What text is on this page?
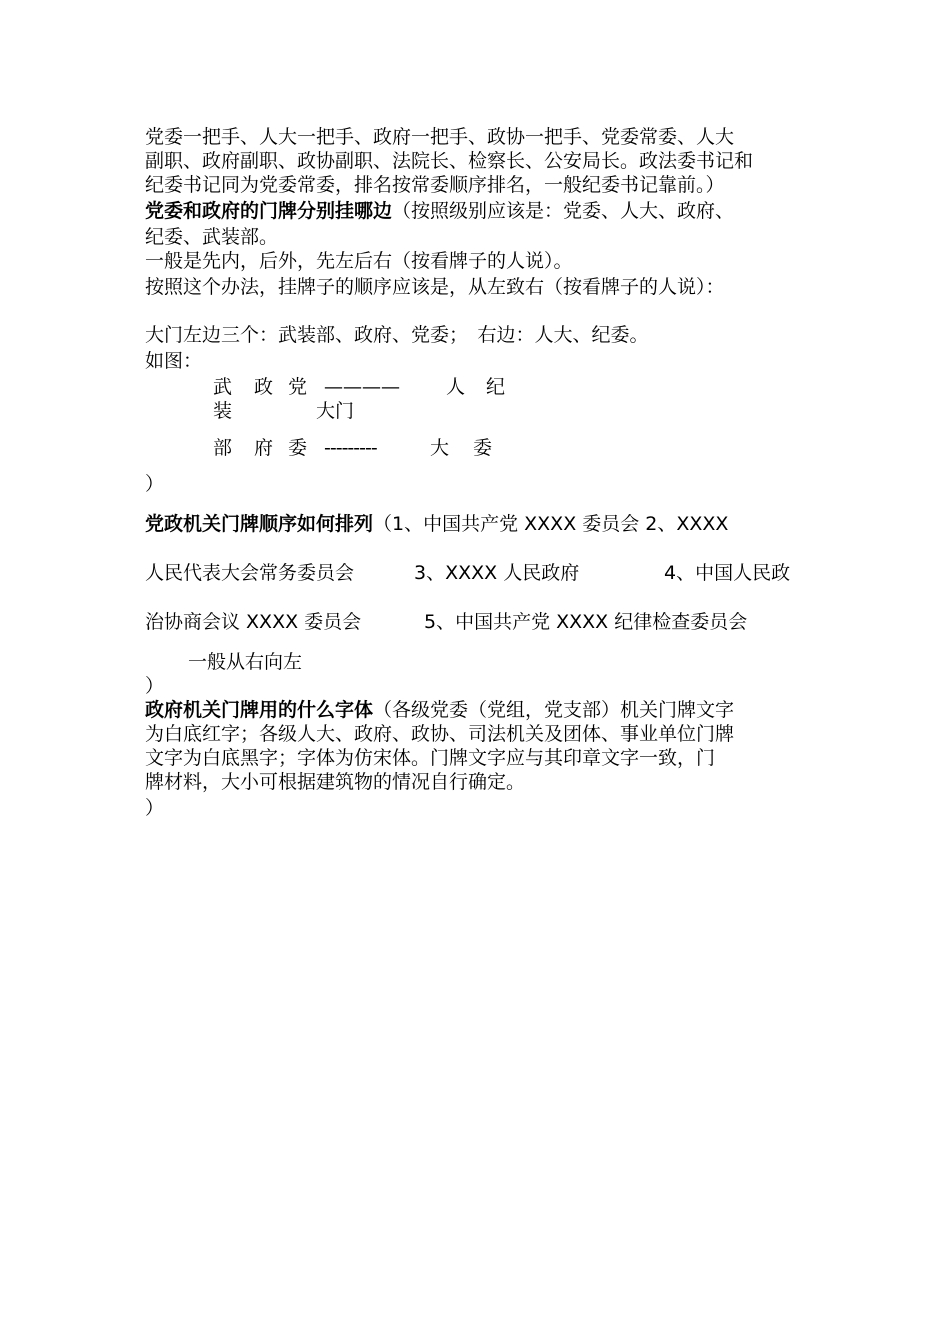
党委一把手、人大一把手、政府一把手、政协一把手、党委常委、人大
副职、政府副职、政协副职、法院长、检察长、公安局长。政法委书记和
纪委书记同为党委常委，排名按常委顺序排名，一般纪委书记靠前。）
党委和政府的门牌分别挂哪边（按照级别应该是：党委、人大、政府、
纪委、武装部。
一般是先内，后外，先左后右（按看牌子的人说）。
按照这个办法，挂牌子的顺序应该是，从左致右（按看牌子的人说）：
大门左边三个：武装部、政府、党委；　右边：人大、纪委。
如图：
武 政 党 ———— 人 纪
装	大门
部 府 委 ---------	大 委
）
党政机关门牌顺序如何排列（1、中国共产党 XXXX 委员会 2、XXXX
人民代表大会常务委员会	3、XXXX 人民政府	4、中国人民政
治协商会议 XXXX 委员会	5、中国共产党 XXXX 纪律检查委员会
一般从右向左
）
政府机关门牌用的什么字体（各级党委（党组，党支部）机关门牌文字
为白底红字；各级人大、政府、政协、司法机关及团体、事业单位门牌
文字为白底黑字；字体为仿宋体。门牌文字应与其印章文字一致，门
牌材料，大小可根据建筑物的情况自行确定。
）
